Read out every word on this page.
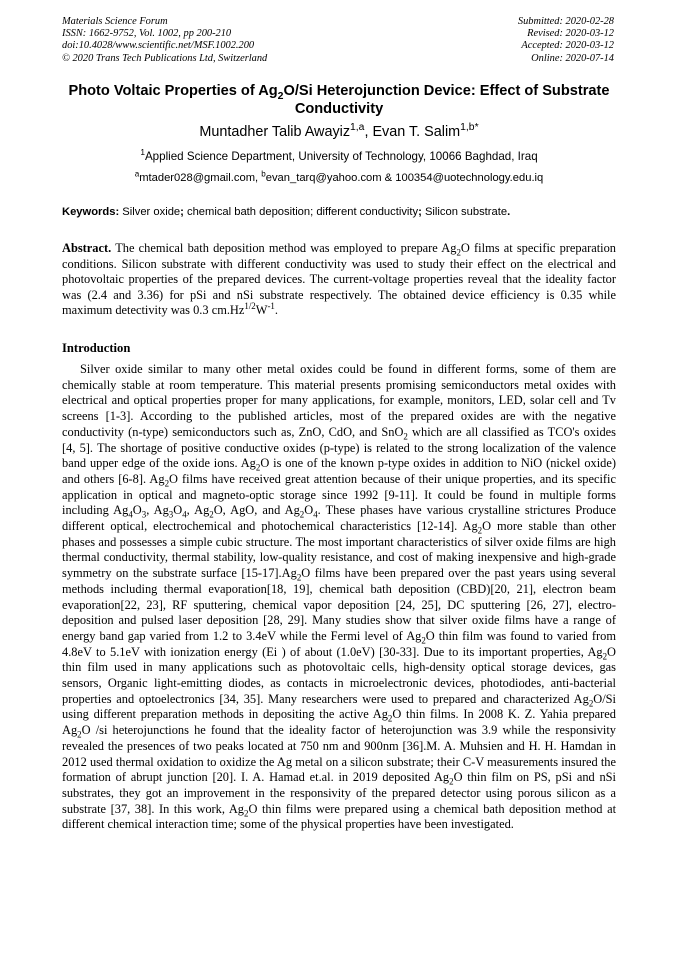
Materials Science Forum
ISSN: 1662-9752, Vol. 1002, pp 200-210
doi:10.4028/www.scientific.net/MSF.1002.200
© 2020 Trans Tech Publications Ltd, Switzerland
Submitted: 2020-02-28
Revised: 2020-03-12
Accepted: 2020-03-12
Online: 2020-07-14
Photo Voltaic Properties of $Ag_2O/Si$ Heterojunction Device: Effect of Substrate Conductivity
Muntadher Talib Awayiz$^{1,a}$, Evan T. Salim$^{1,b*}$
$^1$Applied Science Department, University of Technology, 10066 Baghdad, Iraq
$^a$mtader028@gmail.com, $^b$evan_tarq@yahoo.com & 100354@uotechnology.edu.iq
Keywords: Silver oxide; chemical bath deposition; different conductivity; Silicon substrate.
Abstract. The chemical bath deposition method was employed to prepare $Ag_2O$ films at specific preparation conditions. Silicon substrate with different conductivity was used to study their effect on the electrical and photovoltaic properties of the prepared devices. The current-voltage properties reveal that the ideality factor was (2.4 and 3.36) for pSi and nSi substrate respectively. The obtained device efficiency is 0.35 while maximum detectivity was 0.3 $cm.Hz^{1/2}W^{-1}$.
Introduction

Silver oxide similar to many other metal oxides could be found in different forms, some of them are chemically stable at room temperature. This material presents promising semiconductors metal oxides with electrical and optical properties proper for many applications, for example, monitors, LED, solar cell and Tv screens [1-3]. According to the published articles, most of the prepared oxides are with the negative conductivity (n-type) semiconductors such as, ZnO, CdO, and SnO$_2$ which are all classified as TCO's oxides [4, 5]. The shortage of positive conductive oxides (p-type) is related to the strong localization of the valence band upper edge of the oxide ions. $Ag_2O$ is one of the known p-type oxides in addition to NiO (nickel oxide) and others [6-8]. $Ag_2O$ films have received great attention because of their unique properties, and its specific application in optical and magneto-optic storage since 1992 [9-11]. It could be found in multiple forms including $Ag_4O_3$, $Ag_3O_4$, $Ag_2O$, AgO, and $Ag_2O_4$. These phases have various crystalline strictures Produce different optical, electrochemical and photochemical characteristics [12-14]. $Ag_2O$ more stable than other phases and possesses a simple cubic structure. The most important characteristics of silver oxide films are high thermal conductivity, thermal stability, low-quality resistance, and cost of making inexpensive and high-grade symmetry on the substrate surface $[15-17].Ag_2O$ films have been prepared over the past years using several methods including thermal evaporation[18, 19], chemical bath deposition (CBD)[20, 21], electron beam evaporation[22, 23], RF sputtering, chemical vapor deposition [24, 25], DC sputtering [26, 27], electro-deposition and pulsed laser deposition [28, 29]. Many studies show that silver oxide films have a range of energy band gap varied from 1.2 to 3.4eV while the Fermi level of $Ag_2O$ thin film was found to varied from 4.8eV to 5.1eV with ionization energy (Ei ) of about (1.0eV) [30-33]. Due to its important properties, $Ag_2O$ thin film used in many applications such as photovoltaic cells, high-density optical storage devices, gas sensors, Organic light-emitting diodes, as contacts in microelectronic devices, photodiodes, anti-bacterial properties and optoelectronics [34, 35]. Many researchers were used to prepared and characterized $Ag_2O/Si$ using different preparation methods in depositing the active $Ag_2O$ thin films. In 2008 K. Z. Yahia prepared $Ag_2O$ /si heterojunctions he found that the ideality factor of heterojunction was 3.9 while the responsivity revealed the presences of two peaks located at 750 nm and 900nm [36].M. A. Muhsien and H. H. Hamdan in 2012 used thermal oxidation to oxidize the Ag metal on a silicon substrate; their C-V measurements insured the formation of abrupt junction [20]. I. A. Hamad et.al. in 2019 deposited $Ag_2O$ thin film on PS, pSi and nSi substrates, they got an improvement in the responsivity of the prepared detector using porous silicon as a substrate [37, 38]. In this work, $Ag_2O$ thin films were prepared using a chemical bath deposition method at different chemical interaction time; some of the physical properties have been investigated.
